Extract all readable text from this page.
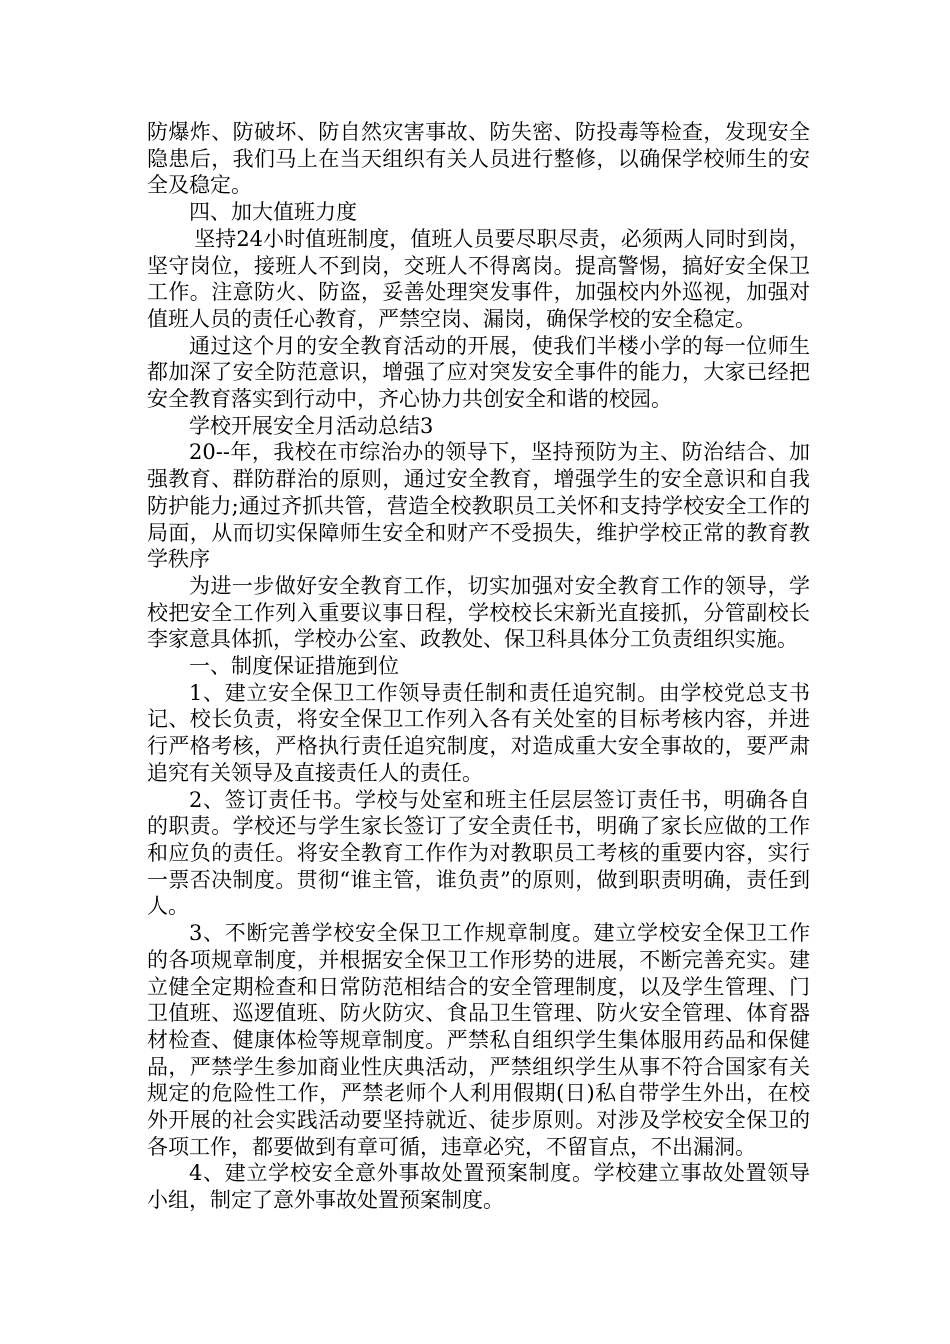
防爆炸、防破坏、防自然灾害事故、防失密、防投毒等检查，发现安全隐患后，我们马上在当天组织有关人员进行整修，以确保学校师生的安全及稳定。

四、加大值班力度

坚持24小时值班制度，值班人员要尽职尽责，必须两人同时到岗，坚守岗位，接班人不到岗，交班人不得离岗。提高警惕，搞好安全保卫工作。注意防火、防盗，妥善处理突发事件，加强校内外巡视，加强对值班人员的责任心教育，严禁空岗、漏岗，确保学校的安全稳定。

通过这个月的安全教育活动的开展，使我们半楼小学的每一位师生都加深了安全防范意识，增强了应对突发安全事件的能力，大家已经把安全教育落实到行动中，齐心协力共创安全和谐的校园。

学校开展安全月活动总结3

20--年，我校在市综治办的领导下，坚持预防为主、防治结合、加强教育、群防群治的原则，通过安全教育，增强学生的安全意识和自我防护能力;通过齐抓共管，营造全校教职员工关怀和支持学校安全工作的局面，从而切实保障师生安全和财产不受损失，维护学校正常的教育教学秩序

为进一步做好安全教育工作，切实加强对安全教育工作的领导，学校把安全工作列入重要议事日程，学校校长宋新光直接抓，分管副校长李家意具体抓，学校办公室、政教处、保卫科具体分工负责组织实施。

一、制度保证措施到位

1、建立安全保卫工作领导责任制和责任追究制。由学校党总支书记、校长负责，将安全保卫工作列入各有关处室的目标考核内容，并进行严格考核，严格执行责任追究制度，对造成重大安全事故的，要严肃追究有关领导及直接责任人的责任。

2、签订责任书。学校与处室和班主任层层签订责任书，明确各自的职责。学校还与学生家长签订了安全责任书，明确了家长应做的工作和应负的责任。将安全教育工作作为对教职员工考核的重要内容，实行一票否决制度。贯彻“谁主管，谁负责”的原则，做到职责明确，责任到人。

3、不断完善学校安全保卫工作规章制度。建立学校安全保卫工作的各项规章制度，并根据安全保卫工作形势的进展，不断完善充实。建立健全定期检查和日常防范相结合的安全管理制度，以及学生管理、门卫值班、巡逻值班、防火防灾、食品卫生管理、防火安全管理、体育器材检查、健康体检等规章制度。严禁私自组织学生集体服用药品和保健品，严禁学生参加商业性庆典活动，严禁组织学生从事不符合国家有关规定的危险性工作，严禁老师个人利用假期(日)私自带学生外出，在校外开展的社会实践活动要坚持就近、徒步原则。对涉及学校安全保卫的各项工作，都要做到有章可循，违章必究，不留盲点，不出漏洞。

4、建立学校安全意外事故处置预案制度。学校建立事故处置领导小组，制定了意外事故处置预案制度。
